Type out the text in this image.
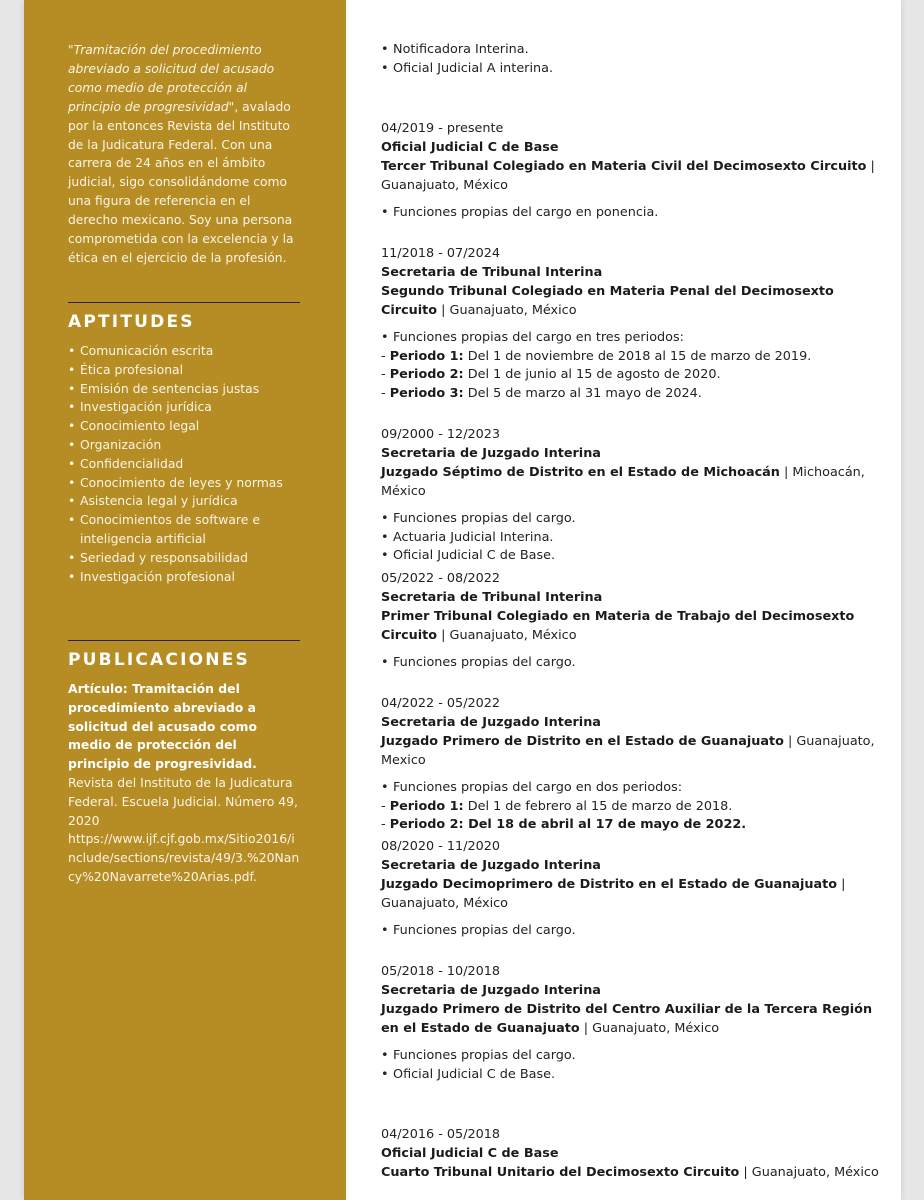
"Tramitación del procedimiento abreviado a solicitud del acusado como medio de protección al principio de progresividad", avalado por la entonces Revista del Instituto de la Judicatura Federal. Con una carrera de 24 años en el ámbito judicial, sigo consolidándome como una figura de referencia en el derecho mexicano. Soy una persona comprometida con la excelencia y la ética en el ejercicio de la profesión.
APTITUDES
• Comunicación escrita
• Ética profesional
• Emisión de sentencias justas
• Investigación jurídica
• Conocimiento legal
• Organización
• Confidencialidad
• Conocimiento de leyes y normas
• Asistencia legal y jurídica
• Conocimientos de software e inteligencia artificial
• Seriedad y responsabilidad
• Investigación profesional
PUBLICACIONES
Artículo: Tramitación del procedimiento abreviado a solicitud del acusado como medio de protección del principio de progresividad.
Revista del Instituto de la Judicatura Federal. Escuela Judicial. Número 49, 2020
https://www.ijf.cjf.gob.mx/Sitio2016/include/sections/revista/49/3.%20Nancy%20Navarrete%20Arias.pdf.
• Notificadora Interina.
• Oficial Judicial A interina.
04/2019 - presente
Oficial Judicial C de Base
Tercer Tribunal Colegiado en Materia Civil del Decimosexto Circuito | Guanajuato, México
• Funciones propias del cargo en ponencia.
11/2018 - 07/2024
Secretaria de Tribunal Interina
Segundo Tribunal Colegiado en Materia Penal del Decimosexto Circuito | Guanajuato, México
• Funciones propias del cargo en tres periodos:
- Periodo 1: Del 1 de noviembre de 2018 al 15 de marzo de 2019.
- Periodo 2: Del 1 de junio al 15 de agosto de 2020.
- Periodo 3: Del 5 de marzo al 31 mayo de 2024.
09/2000 - 12/2023
Secretaria de Juzgado Interina
Juzgado Séptimo de Distrito en el Estado de Michoacán | Michoacán, México
• Funciones propias del cargo.
• Actuaria Judicial Interina.
• Oficial Judicial C de Base.
05/2022 - 08/2022
Secretaria de Tribunal Interina
Primer Tribunal Colegiado en Materia de Trabajo del Decimosexto Circuito | Guanajuato, México
• Funciones propias del cargo.
04/2022 - 05/2022
Secretaria de Juzgado Interina
Juzgado Primero de Distrito en el Estado de Guanajuato | Guanajuato, Mexico
• Funciones propias del cargo en dos periodos:
- Periodo 1: Del 1 de febrero al 15 de marzo de 2018.
- Periodo 2: Del 18 de abril al 17 de mayo de 2022.
08/2020 - 11/2020
Secretaria de Juzgado Interina
Juzgado Decimoprimero de Distrito en el Estado de Guanajuato | Guanajuato, México
• Funciones propias del cargo.
05/2018 - 10/2018
Secretaria de Juzgado Interina
Juzgado Primero de Distrito del Centro Auxiliar de la Tercera Región en el Estado de Guanajuato | Guanajuato, México
• Funciones propias del cargo.
• Oficial Judicial C de Base.
04/2016 - 05/2018
Oficial Judicial C de Base
Cuarto Tribunal Unitario del Decimosexto Circuito | Guanajuato, México
